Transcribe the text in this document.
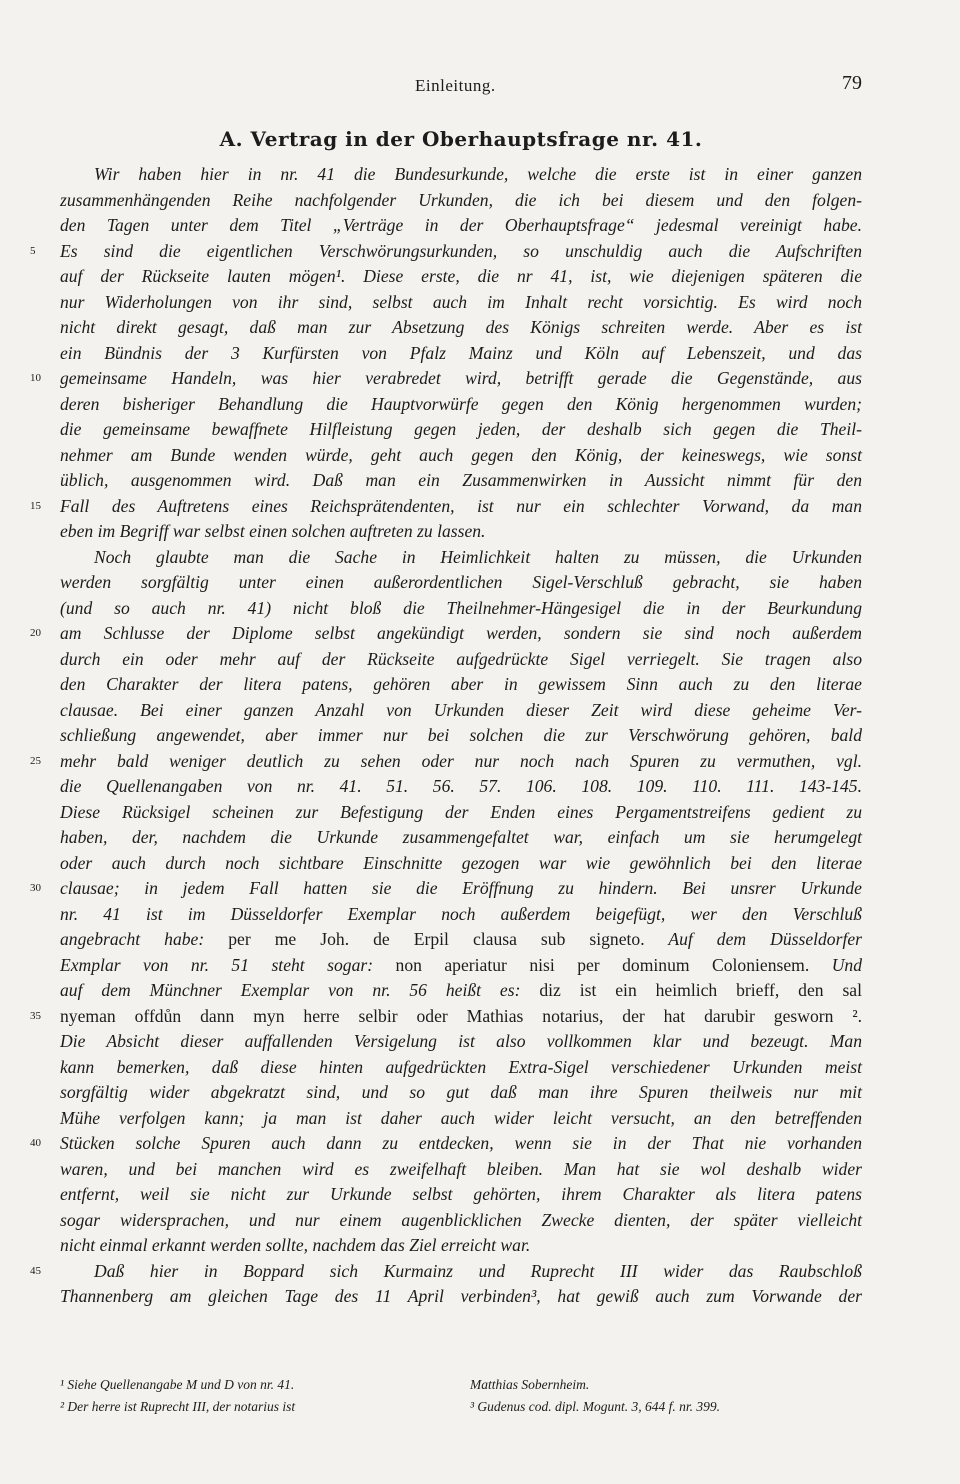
Einleitung.	79
A. Vertrag in der Oberhauptsfrage nr. 41.
Wir haben hier in nr. 41 die Bundesurkunde, welche die erste ist in einer ganzen
zusammenhängenden Reihe nachfolgender Urkunden, die ich bei diesem und den folgen-
den Tagen unter dem Titel „Verträge in der Oberhauptsfrage“ jedesmal vereinigt habe.
5 Es sind die eigentlichen Verschwörungsurkunden, so unschuldig auch die Aufschriften
auf der Rückseite lauten mögen¹. Diese erste, die nr 41, ist, wie diejenigen späteren die
nur Widerholungen von ihr sind, selbst auch im Inhalt recht vorsichtig. Es wird noch
nicht direkt gesagt, daß man zur Absetzung des Königs schreiten werde. Aber es ist
ein Bündnis der 3 Kurfürsten von Pfalz Mainz und Köln auf Lebenszeit, und das
10 gemeinsame Handeln, was hier verabredet wird, betrifft gerade die Gegenstände, aus
deren bisheriger Behandlung die Hauptvorwürfe gegen den König hergenommen wurden;
die gemeinsame bewaffnete Hilfleistung gegen jeden, der deshalb sich gegen die Theil-
nehmer am Bunde wenden würde, geht auch gegen den König, der keineswegs, wie sonst
üblich, ausgenommen wird. Daß man ein Zusammenwirken in Aussicht nimmt für den
15 Fall des Auftretens eines Reichsprätendenten, ist nur ein schlechter Vorwand, da man
eben im Begriff war selbst einen solchen auftreten zu lassen.
Noch glaubte man die Sache in Heimlichkeit halten zu müssen, die Urkunden
werden sorgfältig unter einen außerordentlichen Sigel-Verschluß gebracht, sie haben
(und so auch nr. 41) nicht bloß die Theilnehmer-Hängesigel die in der Beurkundung
20 am Schlusse der Diplome selbst angekündigt werden, sondern sie sind noch außerdem
durch ein oder mehr auf der Rückseite aufgedrückte Sigel verriegelt. Sie tragen also
den Charakter der litera patens, gehören aber in gewissem Sinn auch zu den literae
clausae. Bei einer ganzen Anzahl von Urkunden dieser Zeit wird diese geheime Ver-
schließung angewendet, aber immer nur bei solchen die zur Verschwörung gehören, bald
25 mehr bald weniger deutlich zu sehen oder nur noch nach Spuren zu vermuthen, vgl.
die Quellenangaben von nr. 41. 51. 56. 57. 106. 108. 109. 110. 111. 143-145.
Diese Rücksigel scheinen zur Befestigung der Enden eines Pergamentstreifens gedient zu
haben, der, nachdem die Urkunde zusammengefaltet war, einfach um sie herumgelegt
oder auch durch noch sichtbare Einschnitte gezogen war wie gewöhnlich bei den literae
30 clausae; in jedem Fall hatten sie die Eröffnung zu hindern. Bei unsrer Urkunde
nr. 41 ist im Düsseldorfer Exemplar noch außerdem beigefügt, wer den Verschluß
angebracht habe: per me Joh. de Erpil clausa sub signeto. Auf dem Düsseldorfer
Exmplar von nr. 51 steht sogar: non aperiatur nisi per dominum Coloniensem. Und
auf dem Münchner Exemplar von nr. 56 heißt es: diz ist ein heimlich brieff, den sal
35 nyeman offdůn dann myn herre selbir oder Mathias notarius, der hat darubir gesworn ².
Die Absicht dieser auffallenden Versigelung ist also vollkommen klar und bezeugt. Man
kann bemerken, daß diese hinten aufgedrückten Extra-Sigel verschiedener Urkunden meist
sorgfältig wider abgekratzt sind, und so gut daß man ihre Spuren theilweis nur mit
Mühe verfolgen kann; ja man ist daher auch wider leicht versucht, an den betreffenden
40 Stücken solche Spuren auch dann zu entdecken, wenn sie in der That nie vorhanden
waren, und bei manchen wird es zweifelhaft bleiben. Man hat sie wol deshalb wider
entfernt, weil sie nicht zur Urkunde selbst gehörten, ihrem Charakter als litera patens
sogar widersprachen, und nur einem augenblicklichen Zwecke dienten, der später vielleicht
nicht einmal erkannt werden sollte, nachdem das Ziel erreicht war.
45	Daß hier in Boppard sich Kurmainz und Ruprecht III wider das Raubschloß
Thannenberg am gleichen Tage des 11 April verbinden³, hat gewiß auch zum Vorwande der
¹ Siehe Quellenangabe M und D von nr. 41.	Matthias Sobernheim.
² Der herre ist Ruprecht III, der notarius ist	³ Gudenus cod. dipl. Mogunt. 3, 644 f. nr. 399.
